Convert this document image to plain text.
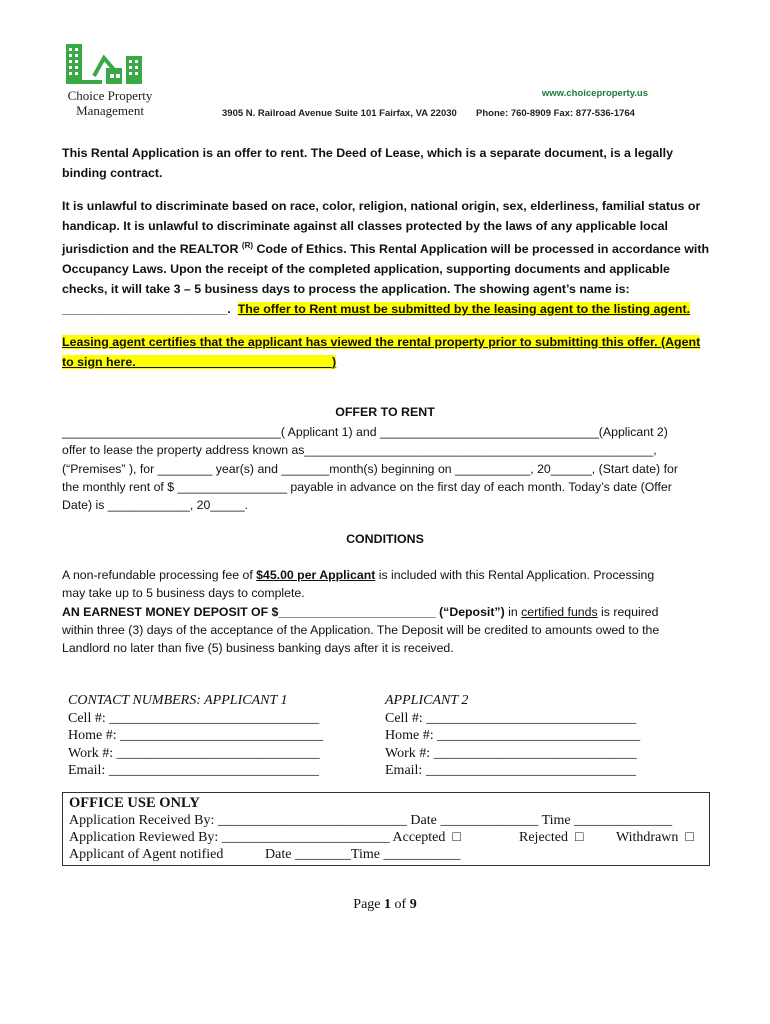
Choice Property
Management
www.choiceproperty.us
3905 N. Railroad Avenue Suite 101 Fairfax, VA 22030 Phone: 760-8909 Fax: 877-536-1764
This Rental Application is an offer to rent. The Deed of Lease, which is a separate document, is a legally
binding contract.
It is unlawful to discriminate based on race, color, religion, national origin, sex, elderliness, familial status or
handicap. It is unlawful to discriminate against all classes protected by the laws of any applicable local
jurisdiction and the REALTOR $^{(R)}$ Code of Ethics. This Rental Application will be processed in accordance with
Occupancy Laws. Upon the receipt of the completed application, supporting documents and applicable
checks, it will take 3 – 5 business days to process the application. The showing agent’s name is:
________________________. The offer to Rent must be submitted by the leasing agent to the listing agent.
Leasing agent certifies that the applicant has viewed the rental property prior to submitting this offer. (Agent
to sign here. ____________________________)
OFFER TO RENT
________________________________( Applicant 1) and ________________________________(Applicant 2)
offer to lease the property address known as___________________________________________________,
(“Premises” ), for ________ year(s) and _______month(s) beginning on ___________, 20______, (Start date) for
the monthly rent of $ ________________ payable in advance on the first day of each month. Today’s date (Offer
Date) is ____________, 20_____.
CONDITIONS
A non-refundable processing fee of $45.00 per Applicant is included with this Rental Application. Processing
may take up to 5 business days to complete.
AN EARNEST MONEY DEPOSIT OF $_______________________ (“Deposit”) in certified funds is required
within three (3) days of the acceptance of the Application. The Deposit will be credited to amounts owed to the
Landlord no later than five (5) business banking days after it is received.
CONTACT NUMBERS: APPLICANT 1
Cell #: ______________________________
Home #: _____________________________
Work #: _____________________________
Email: ______________________________
APPLICANT 2
Cell #: ______________________________
Home #: _____________________________
Work #: _____________________________
Email: ______________________________
OFFICE USE ONLY
Application Received By: ___________________________ Date ______________ Time ______________
Application Reviewed By: ________________________ Accepted □	Rejected □ Withdrawn □
Applicant of Agent notified	Date ________Time ___________
Page 1 of 9
